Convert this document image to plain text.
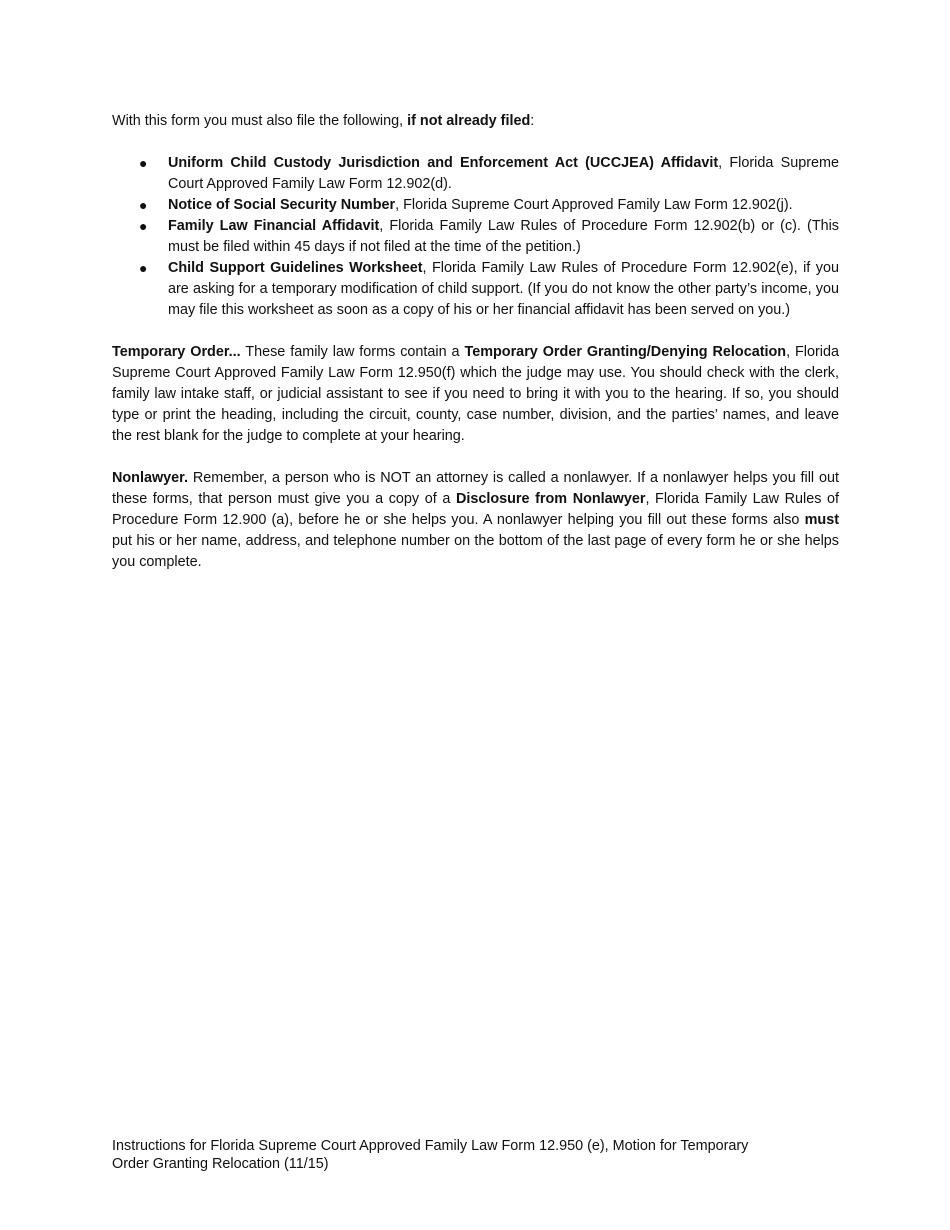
With this form you must also file the following, if not already filed:

● Uniform Child Custody Jurisdiction and Enforcement Act (UCCJEA) Affidavit, Florida Supreme Court Approved Family Law Form 12.902(d).
● Notice of Social Security Number, Florida Supreme Court Approved Family Law Form 12.902(j).
● Family Law Financial Affidavit, Florida Family Law Rules of Procedure Form 12.902(b) or (c). (This must be filed within 45 days if not filed at the time of the petition.)
● Child Support Guidelines Worksheet, Florida Family Law Rules of Procedure Form 12.902(e), if you are asking for a temporary modification of child support. (If you do not know the other party’s income, you may file this worksheet as soon as a copy of his or her financial affidavit has been served on you.)

Temporary Order... These family law forms contain a Temporary Order Granting/Denying Relocation, Florida Supreme Court Approved Family Law Form 12.950(f) which the judge may use. You should check with the clerk, family law intake staff, or judicial assistant to see if you need to bring it with you to the hearing. If so, you should type or print the heading, including the circuit, county, case number, division, and the parties’ names, and leave the rest blank for the judge to complete at your hearing.

Nonlawyer. Remember, a person who is NOT an attorney is called a nonlawyer. If a nonlawyer helps you fill out these forms, that person must give you a copy of a Disclosure from Nonlawyer, Florida Family Law Rules of Procedure Form 12.900 (a), before he or she helps you. A nonlawyer helping you fill out these forms also must put his or her name, address, and telephone number on the bottom of the last page of every form he or she helps you complete.

Instructions for Florida Supreme Court Approved Family Law Form 12.950 (e), Motion for Temporary
Order Granting Relocation (11/15)
